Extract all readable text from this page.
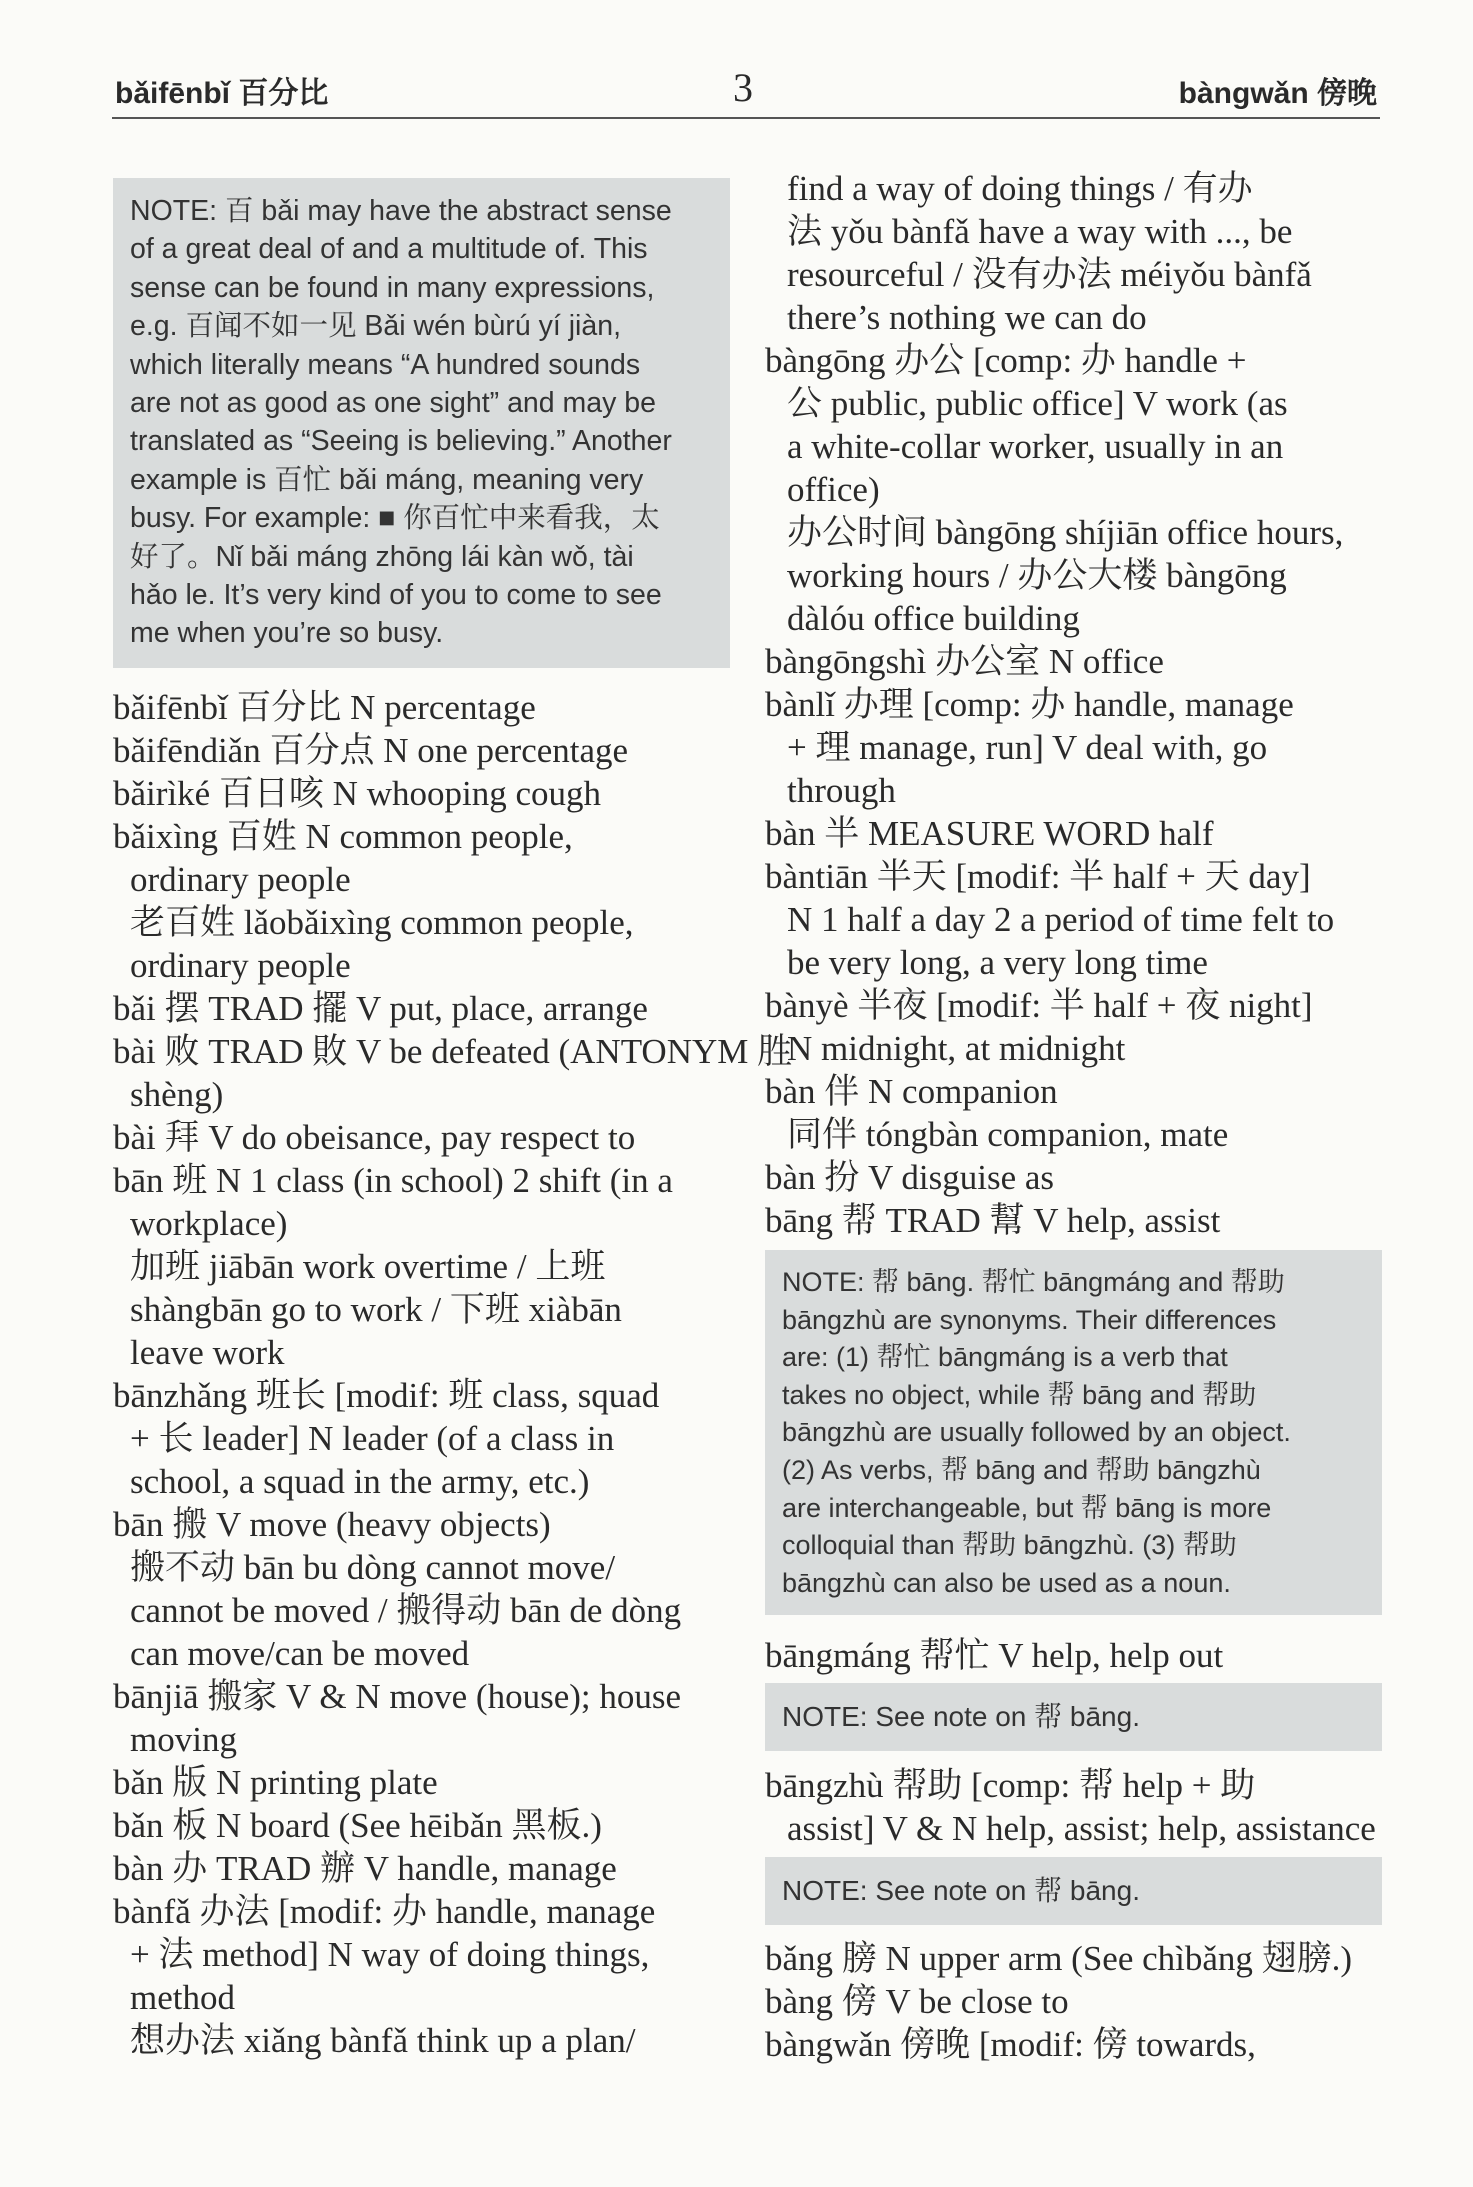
bǎifēnbǐ 百分比	3	bàngwǎn 傍晚
NOTE: 百 bǎi may have the abstract sense
of a great deal of and a multitude of. This
sense can be found in many expressions,
e.g. 百闻不如一见 Bǎi wén bùrú yí jiàn,
which literally means “A hundred sounds
are not as good as one sight” and may be
translated as “Seeing is believing.” Another
example is 百忙 bǎi máng, meaning very
busy. For example: ■ 你百忙中来看我，太
好了。Nǐ bǎi máng zhōng lái kàn wǒ, tài
hǎo le. It’s very kind of you to come to see
me when you’re so busy.
bǎifēnbǐ 百分比 N percentage
bǎifēndiǎn 百分点 N one percentage
bǎirìké 百日咳 N whooping cough
bǎixìng 百姓 N common people,
ordinary people
老百姓 lǎobǎixìng common people,
ordinary people
bǎi 摆 TRAD 擺 V put, place, arrange
bài 败 TRAD 敗 V be defeated (ANTONYM 胜
shèng)
bài 拜 V do obeisance, pay respect to
bān 班 N 1 class (in school) 2 shift (in a
workplace)
加班 jiābān work overtime / 上班
shàngbān go to work / 下班 xiàbān
leave work
bānzhǎng 班长 [modif: 班 class, squad
+ 长 leader] N leader (of a class in
school, a squad in the army, etc.)
bān 搬 V move (heavy objects)
搬不动 bān bu dòng cannot move/
cannot be moved / 搬得动 bān de dòng
can move/can be moved
bānjiā 搬家 V & N move (house); house
moving
bǎn 版 N printing plate
bǎn 板 N board (See hēibǎn 黑板.)
bàn 办 TRAD 辦 V handle, manage
bànfǎ 办法 [modif: 办 handle, manage
+ 法 method] N way of doing things,
method
想办法 xiǎng bànfǎ think up a plan/
find a way of doing things / 有办
法 yǒu bànfǎ have a way with ..., be
resourceful / 没有办法 méiyǒu bànfǎ
there’s nothing we can do
bàngōng 办公 [comp: 办 handle +
公 public, public office] V work (as
a white-collar worker, usually in an
office)
办公时间 bàngōng shíjiān office hours,
working hours / 办公大楼 bàngōng
dàlóu office building
bàngōngshì 办公室 N office
bànlǐ 办理 [comp: 办 handle, manage
+ 理 manage, run] V deal with, go
through
bàn 半 MEASURE WORD half
bàntiān 半天 [modif: 半 half + 天 day]
N 1 half a day 2 a period of time felt to
be very long, a very long time
bànyè 半夜 [modif: 半 half + 夜 night]
N midnight, at midnight
bàn 伴 N companion
同伴 tóngbàn companion, mate
bàn 扮 V disguise as
bāng 帮 TRAD 幫 V help, assist
NOTE: 帮 bāng. 帮忙 bāngmáng and 帮助
bāngzhù are synonyms. Their differences
are: (1) 帮忙 bāngmáng is a verb that
takes no object, while 帮 bāng and 帮助
bāngzhù are usually followed by an object.
(2) As verbs, 帮 bāng and 帮助 bāngzhù
are interchangeable, but 帮 bāng is more
colloquial than 帮助 bāngzhù. (3) 帮助
bāngzhù can also be used as a noun.
bāngmáng 帮忙 V help, help out
NOTE: See note on 帮 bāng.
bāngzhù 帮助 [comp: 帮 help + 助
assist] V & N help, assist; help, assistance
NOTE: See note on 帮 bāng.
bǎng 膀 N upper arm (See chìbǎng 翅膀.)
bàng 傍 V be close to
bàngwǎn 傍晚 [modif: 傍 towards,
